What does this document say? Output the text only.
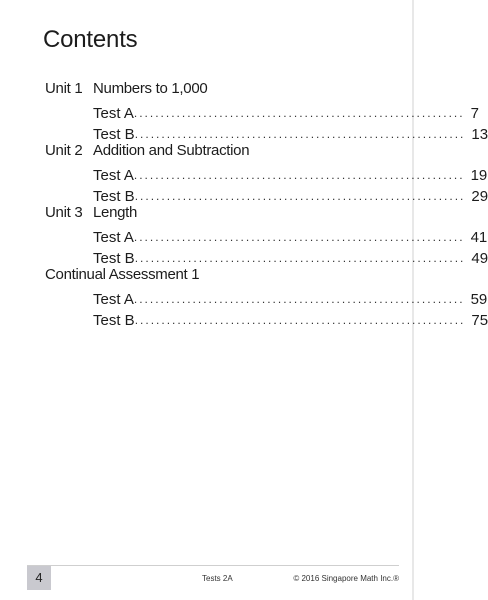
Contents
Unit 1 Numbers to 1,000
Test A .............................................................. 7
Test B .............................................................. 13
Unit 2 Addition and Subtraction
Test A .............................................................. 19
Test B .............................................................. 29
Unit 3 Length
Test A .............................................................. 41
Test B .............................................................. 49
Continual Assessment 1
Test A .............................................................. 59
Test B .............................................................. 75
4	Tests 2A	© 2016 Singapore Math Inc.®
